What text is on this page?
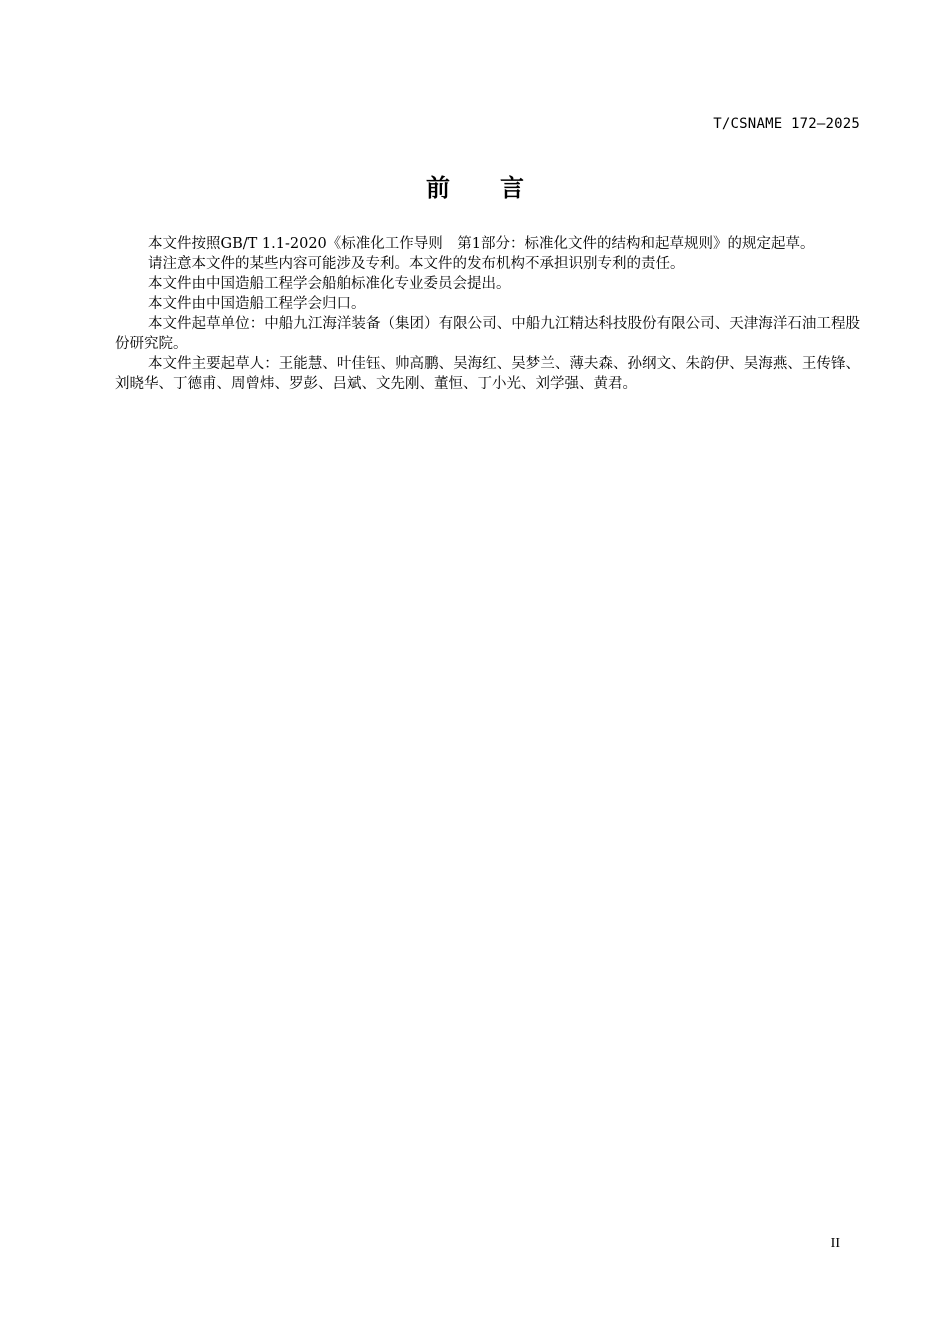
T/CSNAME 172—2025
前言

本文件按照GB/T 1.1-2020《标准化工作导则　第1部分：标准化文件的结构和起草规则》的规定起草。

请注意本文件的某些内容可能涉及专利。本文件的发布机构不承担识别专利的责任。

本文件由中国造船工程学会船舶标准化专业委员会提出。

本文件由中国造船工程学会归口。

本文件起草单位：中船九江海洋装备（集团）有限公司、中船九江精达科技股份有限公司、天津海洋石油工程股份研究院。

本文件主要起草人：王能慧、叶佳钰、帅高鹏、吴海红、吴梦兰、薄夫森、孙纲文、朱韵伊、吴海燕、王传锋、刘晓华、丁德甫、周曾炜、罗彭、吕斌、文先刚、董恒、丁小光、刘学强、黄君。

II
